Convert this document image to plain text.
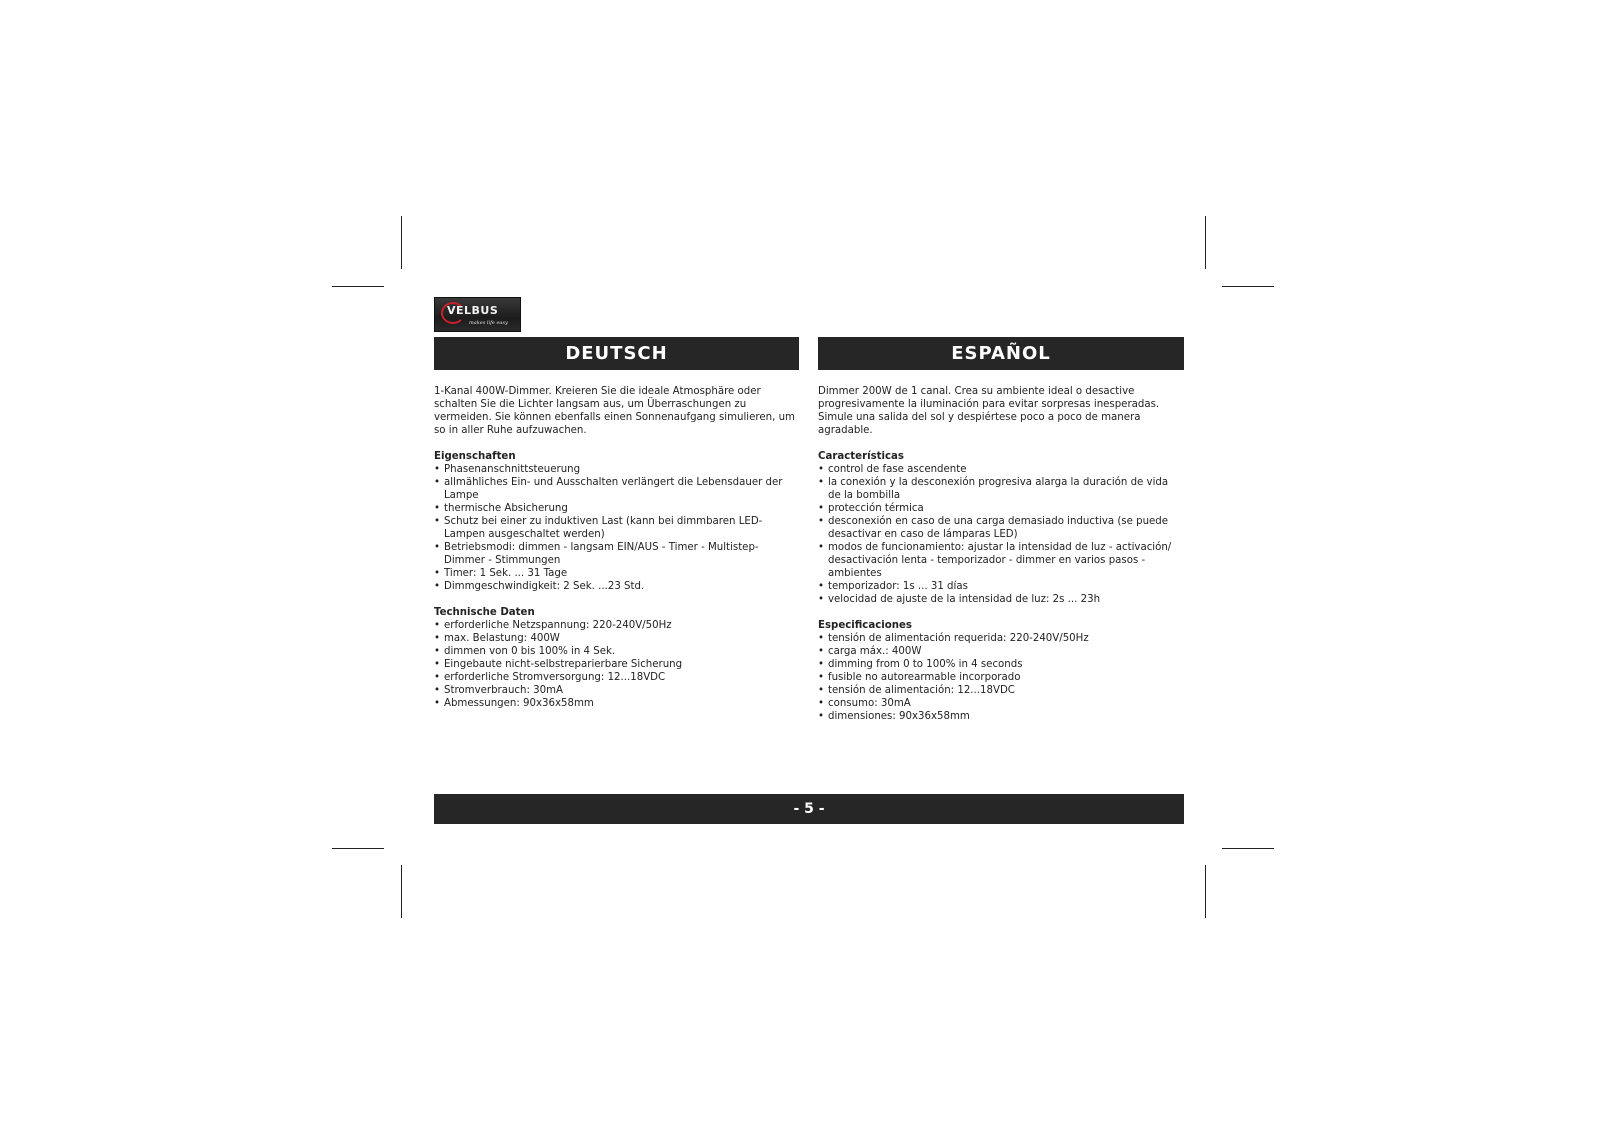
VELBUS
makes life easy
DEUTSCH

1-Kanal 400W-Dimmer. Kreieren Sie die ideale Atmosphäre oder schalten Sie die Lichter langsam aus, um Überraschungen zu vermeiden. Sie können ebenfalls einen Sonnenaufgang simulieren, um so in aller Ruhe aufzuwachen.

Eigenschaften

• Phasenanschnittsteuerung
• allmähliches Ein- und Ausschalten verlängert die Lebensdauer der Lampe
• thermische Absicherung
• Schutz bei einer zu induktiven Last (kann bei dimmbaren LED-Lampen ausgeschaltet werden)
• Betriebsmodi: dimmen - langsam EIN/AUS - Timer - Multistep-Dimmer - Stimmungen
• Timer: 1 Sek. ... 31 Tage
• Dimmgeschwindigkeit: 2 Sek. ...23 Std.

Technische Daten

• erforderliche Netzspannung: 220-240V/50Hz
• max. Belastung: 400W
• dimmen von 0 bis 100% in 4 Sek.
• Eingebaute nicht-selbstreparierbare Sicherung
• erforderliche Stromversorgung: 12...18VDC
• Stromverbrauch: 30mA
• Abmessungen: 90x36x58mm
ESPAÑOL

Dimmer 200W de 1 canal. Crea su ambiente ideal o desactive progresivamente la iluminación para evitar sorpresas inesperadas. Simule una salida del sol y despiértese poco a poco de manera agradable.

Características

• control de fase ascendente
• la conexión y la desconexión progresiva alarga la duración de vida de la bombilla
• protección térmica
• desconexión en caso de una carga demasiado inductiva (se puede desactivar en caso de lámparas LED)
• modos de funcionamiento: ajustar la intensidad de luz - activación/ desactivación lenta - temporizador - dimmer en varios pasos - ambientes
• temporizador: 1s ... 31 días
• velocidad de ajuste de la intensidad de luz: 2s ... 23h

Especificaciones

• tensión de alimentación requerida: 220-240V/50Hz
• carga máx.: 400W
• dimming from 0 to 100% in 4 seconds
• fusible no autorearmable incorporado
• tensión de alimentación: 12...18VDC
• consumo: 30mA
• dimensiones: 90x36x58mm
- 5 -
